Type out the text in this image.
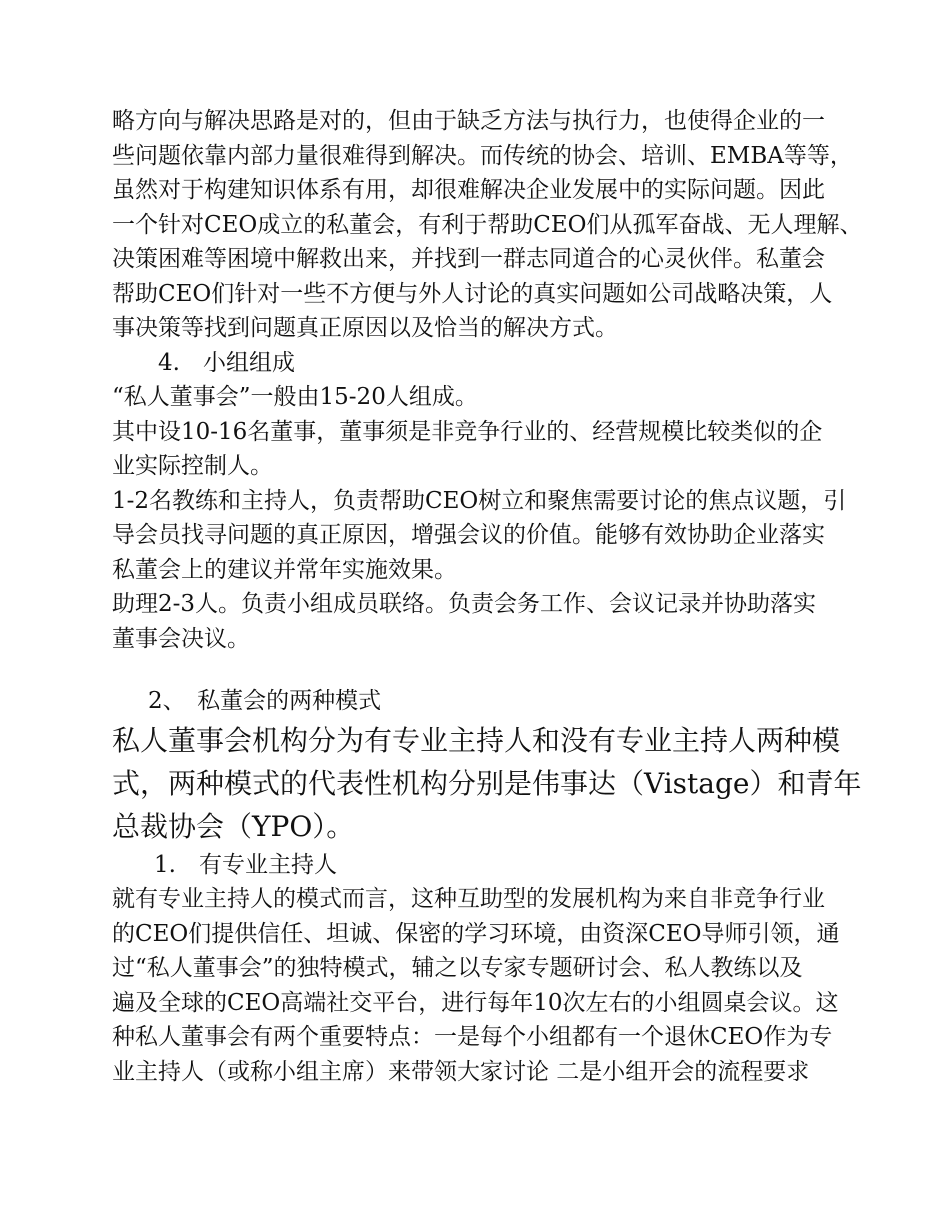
略方向与解决思路是对的，但由于缺乏方法与执行力，也使得企业的一

些问题依靠内部力量很难得到解决。而传统的协会、培训、EMBA等等，

虽然对于构建知识体系有用，却很难解决企业发展中的实际问题。因此

一个针对CEO成立的私董会，有利于帮助CEO们从孤军奋战、无人理解、

决策困难等困境中解救出来，并找到一群志同道合的心灵伙伴。私董会

帮助CEO们针对一些不方便与外人讨论的真实问题如公司战略决策，人

事决策等找到问题真正原因以及恰当的解决方式。

4.　小组组成

“私人董事会”一般由15-20人组成。

其中设10-16名董事，董事须是非竞争行业的、经营规模比较类似的企

业实际控制人。

1-2名教练和主持人，负责帮助CEO树立和聚焦需要讨论的焦点议题，引

导会员找寻问题的真正原因，增强会议的价值。能够有效协助企业落实

私董会上的建议并常年实施效果。

助理2-3人。负责小组成员联络。负责会务工作、会议记录并协助落实

董事会决议。

2、　私董会的两种模式

私人董事会机构分为有专业主持人和没有专业主持人两种模

式，两种模式的代表性机构分别是伟事达（Vistage）和青年

总裁协会（YPO）。

1.　有专业主持人

就有专业主持人的模式而言，这种互助型的发展机构为来自非竞争行业

的CEO们提供信任、坦诚、保密的学习环境，由资深CEO导师引领，通

过“私人董事会”的独特模式，辅之以专家专题研讨会、私人教练以及

遍及全球的CEO高端社交平台，进行每年10次左右的小组圆桌会议。这

种私人董事会有两个重要特点：一是每个小组都有一个退休CEO作为专

业主持人（或称小组主席）来带领大家讨论 二是小组开会的流程要求
